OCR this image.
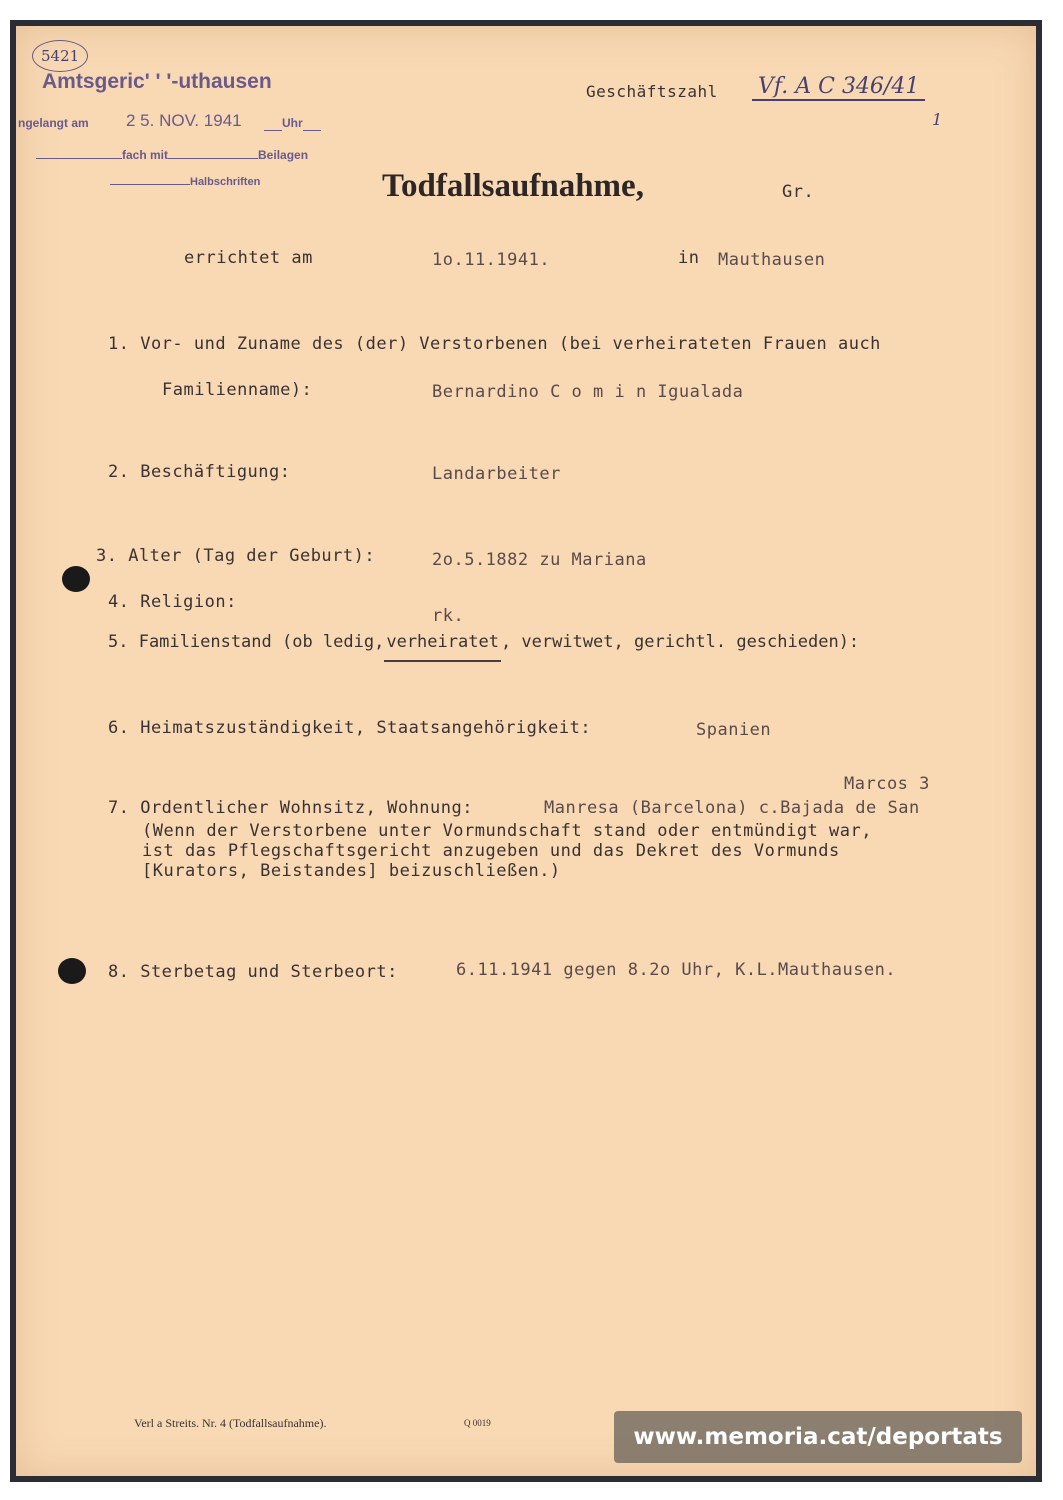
5421
Amtsgeric' ' '-uthausen
ngelangt am 2 5. NOV. 1941	Uhr
fach mit	Beilagen
Halbschriften
Geschäftszahl Vf. A C 346/41
1
Todfallsaufnahme,	Gr.
errichtet am	1o.11.1941.	in Mauthausen
1. Vor- und Zuname des (der) Verstorbenen (bei verheirateten Frauen auch
Familienname):	Bernardino C o m i n Igualada
2. Beschäftigung:	Landarbeiter
3. Alter (Tag der Geburt):	2o.5.1882 zu Mariana
4. Religion:
rk.
5. Familienstand (ob ledig, verheiratet , verwitwet, gerichtl. geschieden):
6. Heimatszuständigkeit, Staatsangehörigkeit:	Spanien
Marcos 3
7. Ordentlicher Wohnsitz, Wohnung:	Manresa (Barcelona) c.Bajada de San
(Wenn der Verstorbene unter Vormundschaft stand oder entmündigt war,
ist das Pflegschaftsgericht anzugeben und das Dekret des Vormunds
[Kurators, Beistandes] beizuschließen.)
8. Sterbetag und Sterbeort:	6.11.1941 gegen 8.2o Uhr, K.L.Mauthausen.
Verl a Streits. Nr. 4 (Todfallsaufnahme).	Q 0019
www.memoria.cat/deportats
